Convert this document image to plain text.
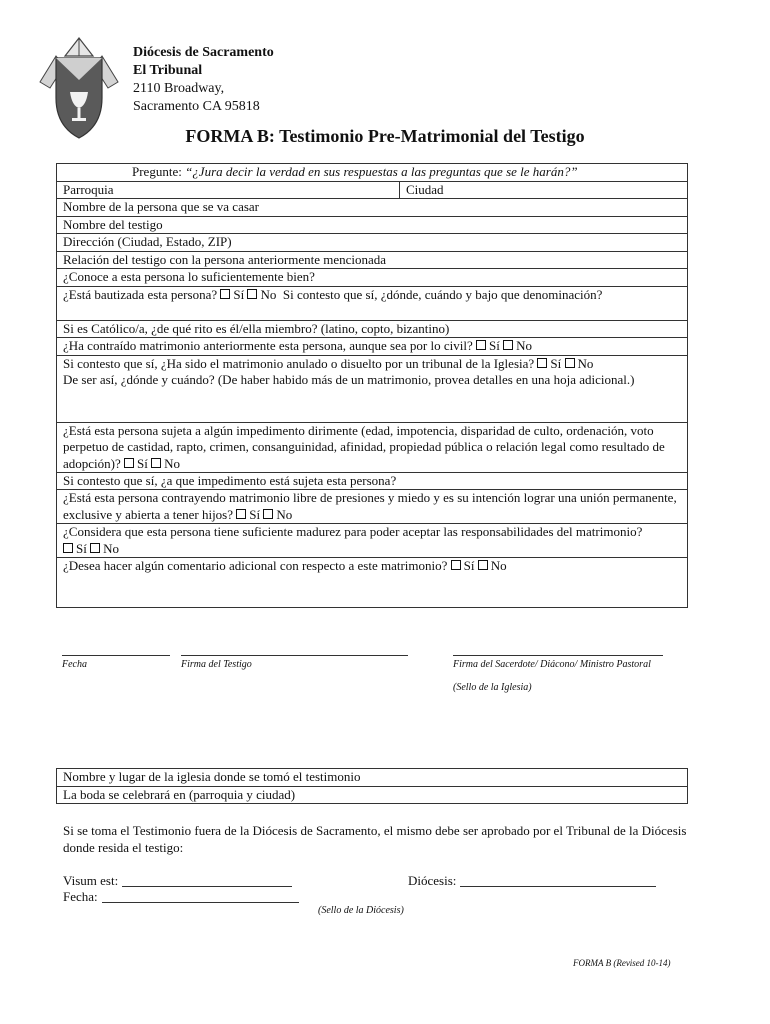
Diócesis de Sacramento
El Tribunal
2110 Broadway,
Sacramento CA 95818
FORMA B: Testimonio Pre-Matrimonial del Testigo
Pregunte: “¿Jura decir la verdad en sus respuestas a las preguntas que se le harán?”
Parroquia	Ciudad
Nombre de la persona que se va casar
Nombre del testigo
Dirección (Ciudad, Estado, ZIP)
Relación del testigo con la persona anteriormente mencionada
¿Conoce a esta persona lo suficientemente bien?
¿Está bautizada esta persona? Sí No Si contesto que sí, ¿dónde, cuándo y bajo que denominación?
Si es Católico/a, ¿de qué rito es él/ella miembro? (latino, copto, bizantino)
¿Ha contraído matrimonio anteriormente esta persona, aunque sea por lo civil? Sí No
Si contesto que sí, ¿Ha sido el matrimonio anulado o disuelto por un tribunal de la Iglesia? Sí No
De ser así, ¿dónde y cuándo? (De haber habido más de un matrimonio, provea detalles en una hoja adicional.)
¿Está esta persona sujeta a algún impedimento dirimente (edad, impotencia, disparidad de culto, ordenación, voto perpetuo de castidad, rapto, crimen, consanguinidad, afinidad, propiedad pública o relación legal como resultado de adopción)? Sí No
Si contesto que sí, ¿a que impedimento está sujeta esta persona?
¿Está esta persona contrayendo matrimonio libre de presiones y miedo y es su intención lograr una unión permanente, exclusive y abierta a tener hijos? Sí No
¿Considera que esta persona tiene suficiente madurez para poder aceptar las responsabilidades del matrimonio?
Sí No
¿Desea hacer algún comentario adicional con respecto a este matrimonio? Sí No
Fecha	Firma del Testigo	Firma del Sacerdote/ Diácono/ Ministro Pastoral
(Sello de la Iglesia)
Nombre y lugar de la iglesia donde se tomó el testimonio
La boda se celebrará en (parroquia y ciudad)
Si se toma el Testimonio fuera de la Diócesis de Sacramento, el mismo debe ser aprobado por el Tribunal de la Diócesis donde resida el testigo:
Visum est:	Diócesis:
Fecha:
(Sello de la Diócesis)
FORMA B (Revised 10-14)
